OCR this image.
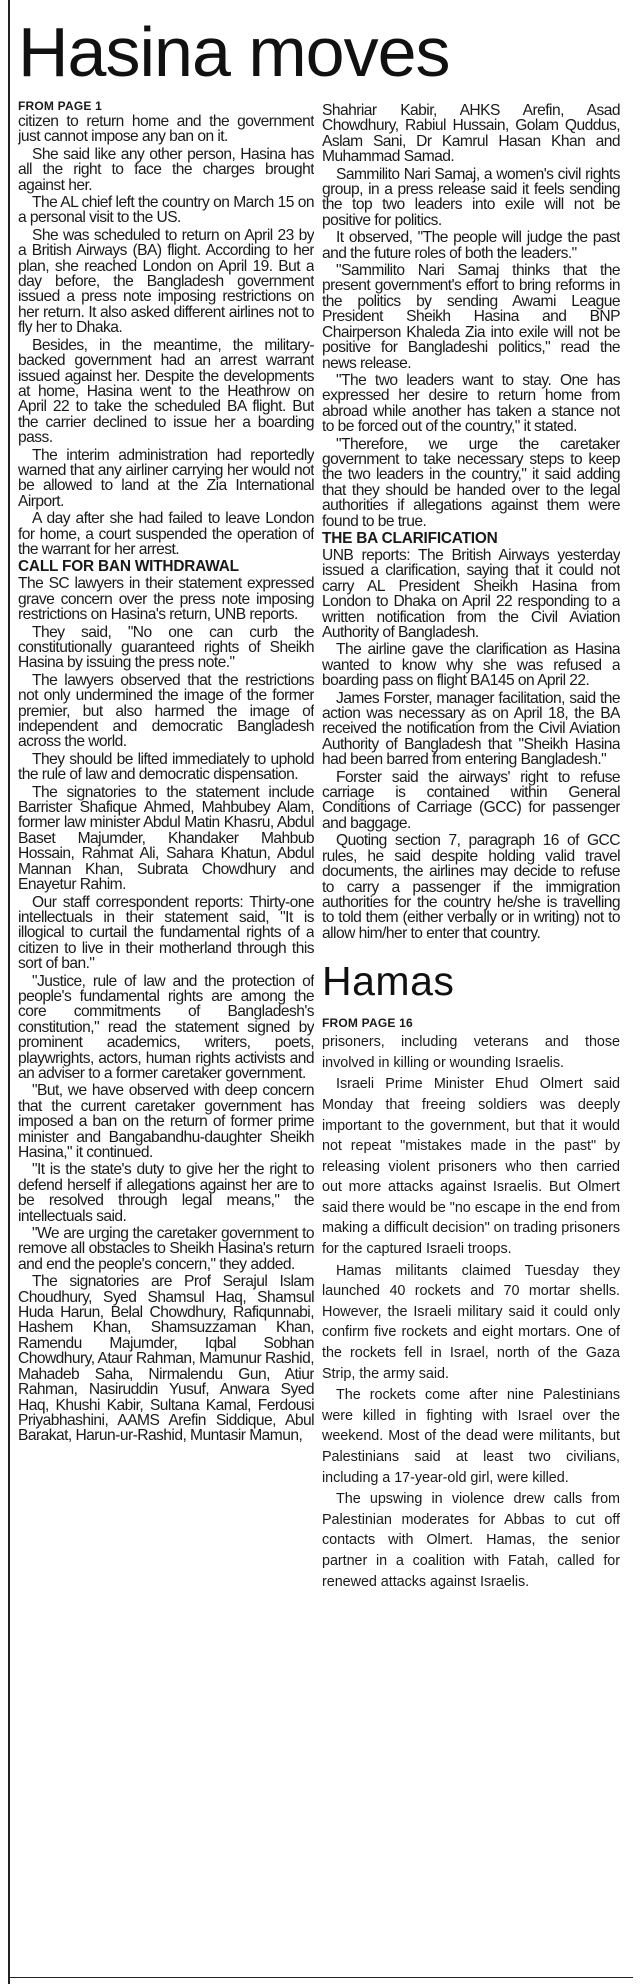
Hasina moves
FROM PAGE 1

citizen to return home and the government just cannot impose any ban on it.

She said like any other person, Hasina has all the right to face the charges brought against her.

The AL chief left the country on March 15 on a personal visit to the US.

She was scheduled to return on April 23 by a British Airways (BA) flight. According to her plan, she reached London on April 19. But a day before, the Bangladesh government issued a press note imposing restrictions on her return. It also asked different airlines not to fly her to Dhaka.

Besides, in the meantime, the military-backed government had an arrest warrant issued against her. Despite the developments at home, Hasina went to the Heathrow on April 22 to take the scheduled BA flight. But the carrier declined to issue her a boarding pass.

The interim administration had reportedly warned that any airliner carrying her would not be allowed to land at the Zia International Airport.

A day after she had failed to leave London for home, a court suspended the operation of the warrant for her arrest.

CALL FOR BAN WITHDRAWAL

The SC lawyers in their statement expressed grave concern over the press note imposing restrictions on Hasina's return, UNB reports.

They said, "No one can curb the constitutionally guaranteed rights of Sheikh Hasina by issuing the press note."

The lawyers observed that the restrictions not only undermined the image of the former premier, but also harmed the image of independent and democratic Bangladesh across the world.

They should be lifted immediately to uphold the rule of law and democratic dispensation.

The signatories to the statement include Barrister Shafique Ahmed, Mahbubey Alam, former law minister Abdul Matin Khasru, Abdul Baset Majumder, Khandaker Mahbub Hossain, Rahmat Ali, Sahara Khatun, Abdul Mannan Khan, Subrata Chowdhury and Enayetur Rahim.

Our staff correspondent reports: Thirty-one intellectuals in their statement said, "It is illogical to curtail the fundamental rights of a citizen to live in their motherland through this sort of ban."

"Justice, rule of law and the protection of people's fundamental rights are among the core commitments of Bangladesh's constitution," read the statement signed by prominent academics, writers, poets, playwrights, actors, human rights activists and an adviser to a former caretaker government.

"But, we have observed with deep concern that the current caretaker government has imposed a ban on the return of former prime minister and Bangabandhu-daughter Sheikh Hasina," it continued.

"It is the state's duty to give her the right to defend herself if allegations against her are to be resolved through legal means," the intellectuals said.

"We are urging the caretaker government to remove all obstacles to Sheikh Hasina's return and end the people's concern," they added.

The signatories are Prof Serajul Islam Choudhury, Syed Shamsul Haq, Shamsul Huda Harun, Belal Chowdhury, Rafiqunnabi, Hashem Khan, Shamsuzzaman Khan, Ramendu Majumder, Iqbal Sobhan Chowdhury, Ataur Rahman, Mamunur Rashid, Mahadeb Saha, Nirmalendu Gun, Atiur Rahman, Nasiruddin Yusuf, Anwara Syed Haq, Khushi Kabir, Sultana Kamal, Ferdousi Priyabhashini, AAMS Arefin Siddique, Abul Barakat, Harun-ur-Rashid, Muntasir Mamun,

Shahriar Kabir, AHKS Arefin, Asad Chowdhury, Rabiul Hussain, Golam Quddus, Aslam Sani, Dr Kamrul Hasan Khan and Muhammad Samad.

Sammilito Nari Samaj, a women's civil rights group, in a press release said it feels sending the top two leaders into exile will not be positive for politics.

It observed, "The people will judge the past and the future roles of both the leaders."

"Sammilito Nari Samaj thinks that the present government's effort to bring reforms in the politics by sending Awami League President Sheikh Hasina and BNP Chairperson Khaleda Zia into exile will not be positive for Bangladeshi politics," read the news release.

"The two leaders want to stay. One has expressed her desire to return home from abroad while another has taken a stance not to be forced out of the country," it stated.

"Therefore, we urge the caretaker government to take necessary steps to keep the two leaders in the country," it said adding that they should be handed over to the legal authorities if allegations against them were found to be true.

THE BA CLARIFICATION

UNB reports: The British Airways yesterday issued a clarification, saying that it could not carry AL President Sheikh Hasina from London to Dhaka on April 22 responding to a written notification from the Civil Aviation Authority of Bangladesh.

The airline gave the clarification as Hasina wanted to know why she was refused a boarding pass on flight BA145 on April 22.

James Forster, manager facilitation, said the action was necessary as on April 18, the BA received the notification from the Civil Aviation Authority of Bangladesh that "Sheikh Hasina had been barred from entering Bangladesh."

Forster said the airways' right to refuse carriage is contained within General Conditions of Carriage (GCC) for passenger and baggage.

Quoting section 7, paragraph 16 of GCC rules, he said despite holding valid travel documents, the airlines may decide to refuse to carry a passenger if the immigration authorities for the country he/she is travelling to told them (either verbally or in writing) not to allow him/her to enter that country.

Hamas
FROM PAGE 16

prisoners, including veterans and those involved in killing or wounding Israelis.

Israeli Prime Minister Ehud Olmert said Monday that freeing soldiers was deeply important to the government, but that it would not repeat "mistakes made in the past" by releasing violent prisoners who then carried out more attacks against Israelis. But Olmert said there would be "no escape in the end from making a difficult decision" on trading prisoners for the captured Israeli troops.

Hamas militants claimed Tuesday they launched 40 rockets and 70 mortar shells. However, the Israeli military said it could only confirm five rockets and eight mortars. One of the rockets fell in Israel, north of the Gaza Strip, the army said.

The rockets come after nine Palestinians were killed in fighting with Israel over the weekend. Most of the dead were militants, but Palestinians said at least two civilians, including a 17-year-old girl, were killed.

The upswing in violence drew calls from Palestinian moderates for Abbas to cut off contacts with Olmert. Hamas, the senior partner in a coalition with Fatah, called for renewed attacks against Israelis.
